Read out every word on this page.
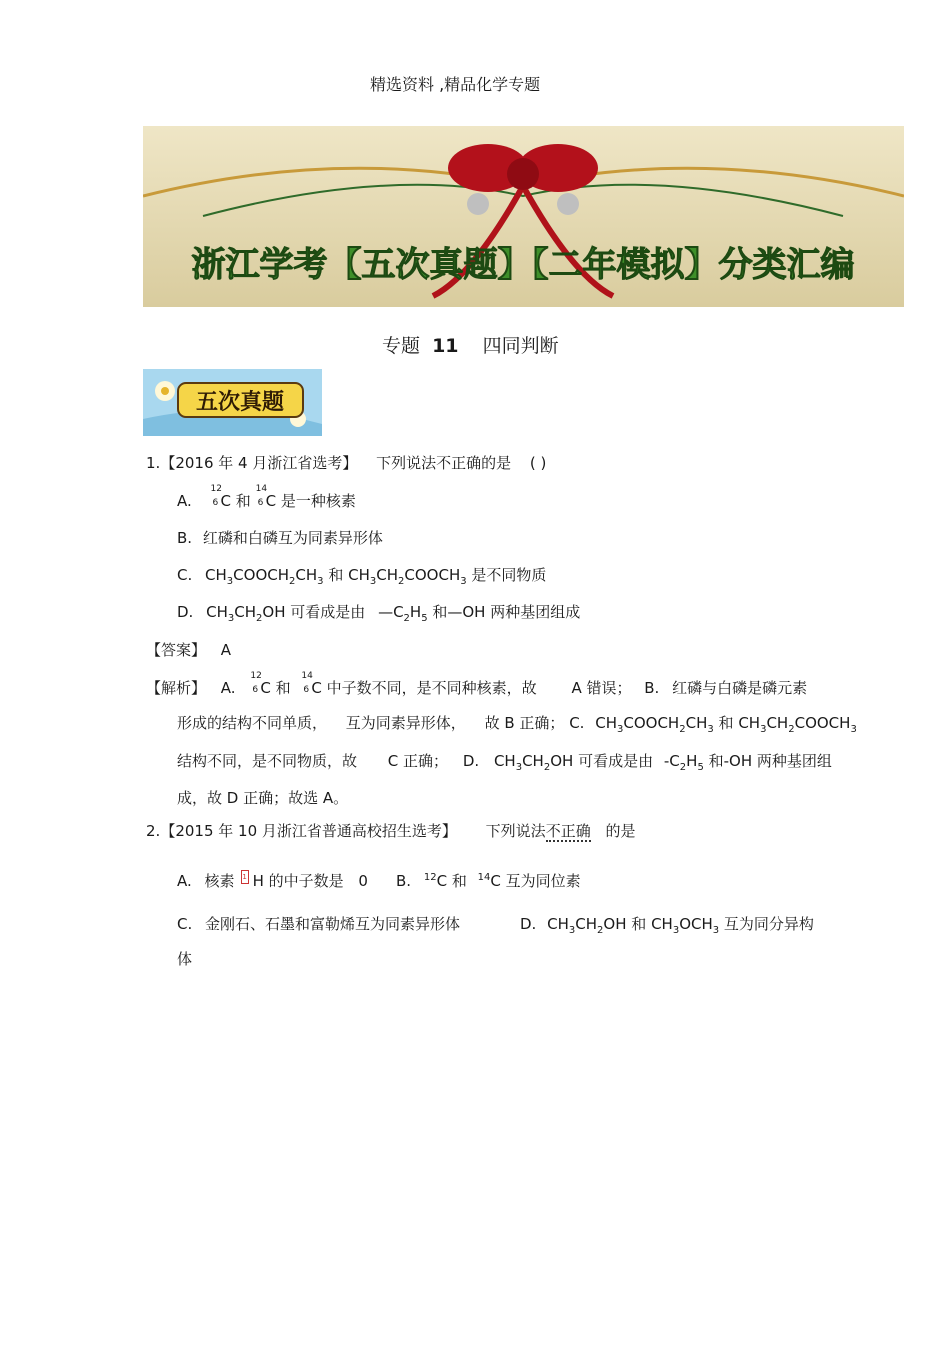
精选资料 ,精品化学专题
浙江学考【五次真题】【二年模拟】分类汇编
专题 11 四同判断
五次真题
1.【2016 年 4 月浙江省选考】 下列说法不正确的是 ( )
A.
12
6 C 和
14
6 C 是一种核素
B. 红磷和白磷互为同素异形体
C. $CH_3COOCH_2CH_3$ 和 $CH_3CH_2COOCH_3$ 是不同物质
D. $CH_3CH_2OH$ 可看成是由 $—C_2H_5$ 和—OH 两种基团组成
【答案】 A
【解析】 A.
12
6 C 和
14
6 C 中子数不同，是不同种核素，故 A 错误； B. 红磷与白磷是磷元素
形成的结构不同单质， 互为同素异形体， 故 B 正确； C. $CH_3COOCH_2CH_3$ 和 $CH_3CH_2COOCH_3$
结构不同，是不同物质，故 C 正确； D. $CH_3CH_2OH$ 可看成是由 $-C_2H_5$ 和-OH 两种基团组
成，故 D 正确；故选 A。
2.【2015 年 10 月浙江省普通高校招生选考】 下列说法不正确 的是
A. 核素 1 H 的中子数是 0 B. $^{12}$C 和 $^{14}$C 互为同位素
C. 金刚石、石墨和富勒烯互为同素异形体	D. $CH_3CH_2OH$ 和 $CH_3OCH_3$ 互为同分异构
体
